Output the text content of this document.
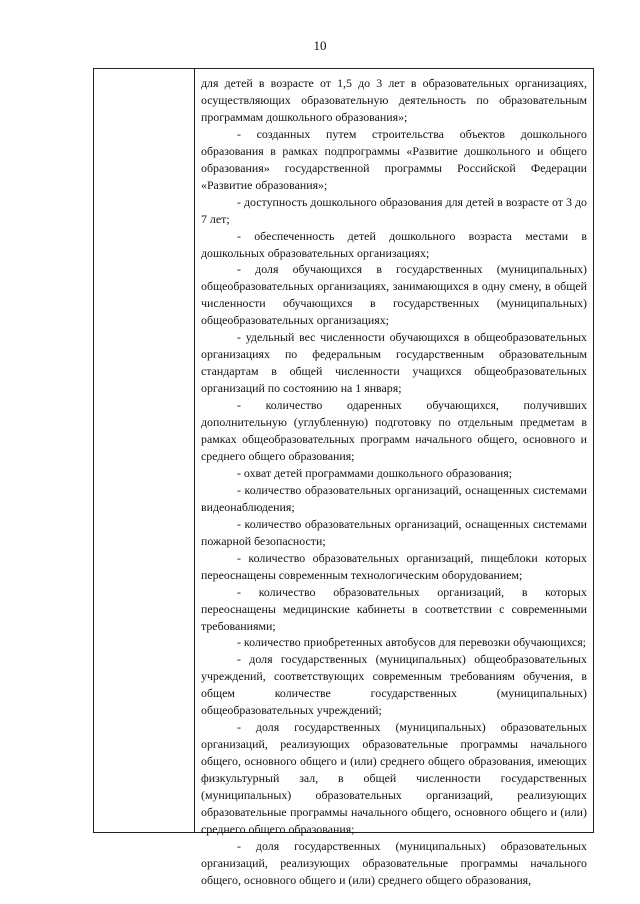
10

для детей в возрасте от 1,5 до 3 лет в образовательных организациях, осуществляющих образовательную деятельность по образовательным программам дошкольного образования»;

- созданных путем строительства объектов дошкольного образования в рамках подпрограммы «Развитие дошкольного и общего образования» государственной программы Российской Федерации «Развитие образования»;

- доступность дошкольного образования для детей в возрасте от 3 до 7 лет;

- обеспеченность детей дошкольного возраста местами в дошкольных образовательных организациях;

- доля обучающихся в государственных (муниципальных) общеобразовательных организациях, занимающихся в одну смену, в общей численности обучающихся в государственных (муниципальных) общеобразовательных организациях;

- удельный вес численности обучающихся в общеобразовательных организациях по федеральным государственным образовательным стандартам в общей численности учащихся общеобразовательных организаций по состоянию на 1 января;

- количество одаренных обучающихся, получивших дополнительную (углубленную) подготовку по отдельным предметам в рамках общеобразовательных программ начального общего, основного и среднего общего образования;

- охват детей программами дошкольного образования;

- количество образовательных организаций, оснащенных системами видеонаблюдения;

- количество образовательных организаций, оснащенных системами пожарной безопасности;

- количество образовательных организаций, пищеблоки которых переоснащены современным технологическим оборудованием;

- количество образовательных организаций, в которых переоснащены медицинские кабинеты в соответствии с современными требованиями;

- количество приобретенных автобусов для перевозки обучающихся;

- доля государственных (муниципальных) общеобразовательных учреждений, соответствующих современным требованиям обучения, в общем количестве государственных (муниципальных) общеобразовательных учреждений;

- доля государственных (муниципальных) образовательных организаций, реализующих образовательные программы начального общего, основного общего и (или) среднего общего образования, имеющих физкультурный зал, в общей численности государственных (муниципальных) образовательных организаций, реализующих образовательные программы начального общего, основного общего и (или) среднего общего образования;

- доля государственных (муниципальных) образовательных организаций, реализующих образовательные программы начального общего, основного общего и (или) среднего общего образования,
